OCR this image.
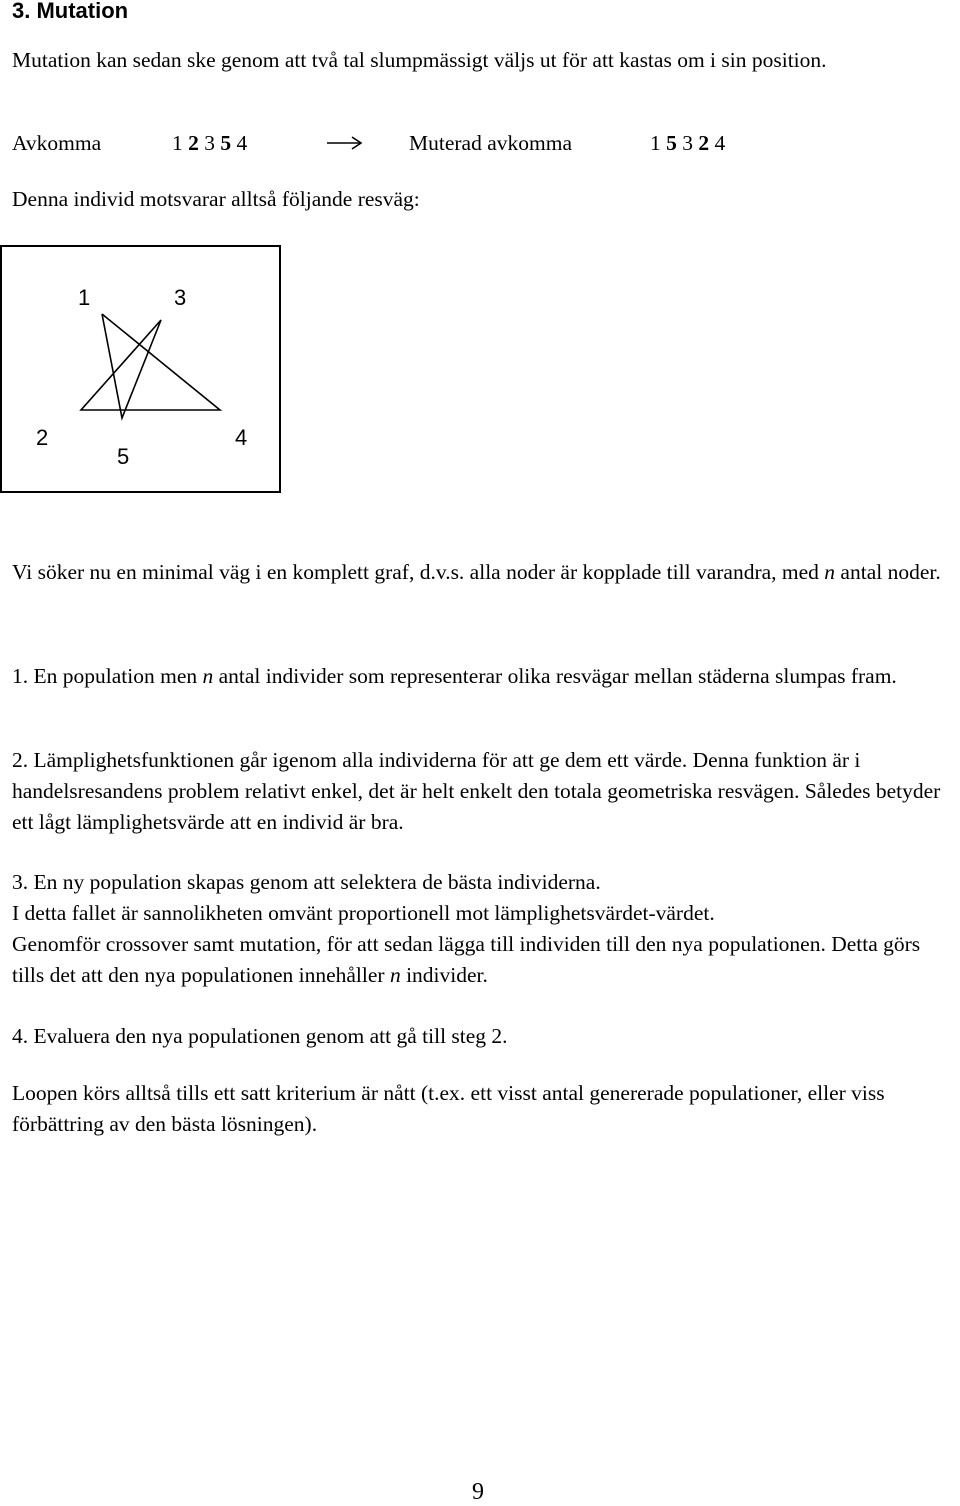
3. Mutation

Mutation kan sedan ske genom att två tal slumpmässigt väljs ut för att kastas om i sin position.

Avkomma	1 2 3 5 4	Muterad avkomma	1 5 3 2 4

Denna individ motsvarar alltså följande resväg:

1	3
2
5
4

Vi söker nu en minimal väg i en komplett graf, d.v.s. alla noder är kopplade till varandra, med n antal noder.

1. En population men n antal individer som representerar olika resvägar mellan städerna slumpas fram.

2. Lämplighetsfunktionen går igenom alla individerna för att ge dem ett värde. Denna funktion är i handelsresandens problem relativt enkel, det är helt enkelt den totala geometriska resvägen. Således betyder ett lågt lämplighetsvärde att en individ är bra.

3. En ny population skapas genom att selektera de bästa individerna.

I detta fallet är sannolikheten omvänt proportionell mot lämplighetsvärdet-värdet.

Genomför crossover samt mutation, för att sedan lägga till individen till den nya populationen. Detta görs tills det att den nya populationen innehåller n individer.

4. Evaluera den nya populationen genom att gå till steg 2.

Loopen körs alltså tills ett satt kriterium är nått (t.ex. ett visst antal genererade populationer, eller viss förbättring av den bästa lösningen).

9
